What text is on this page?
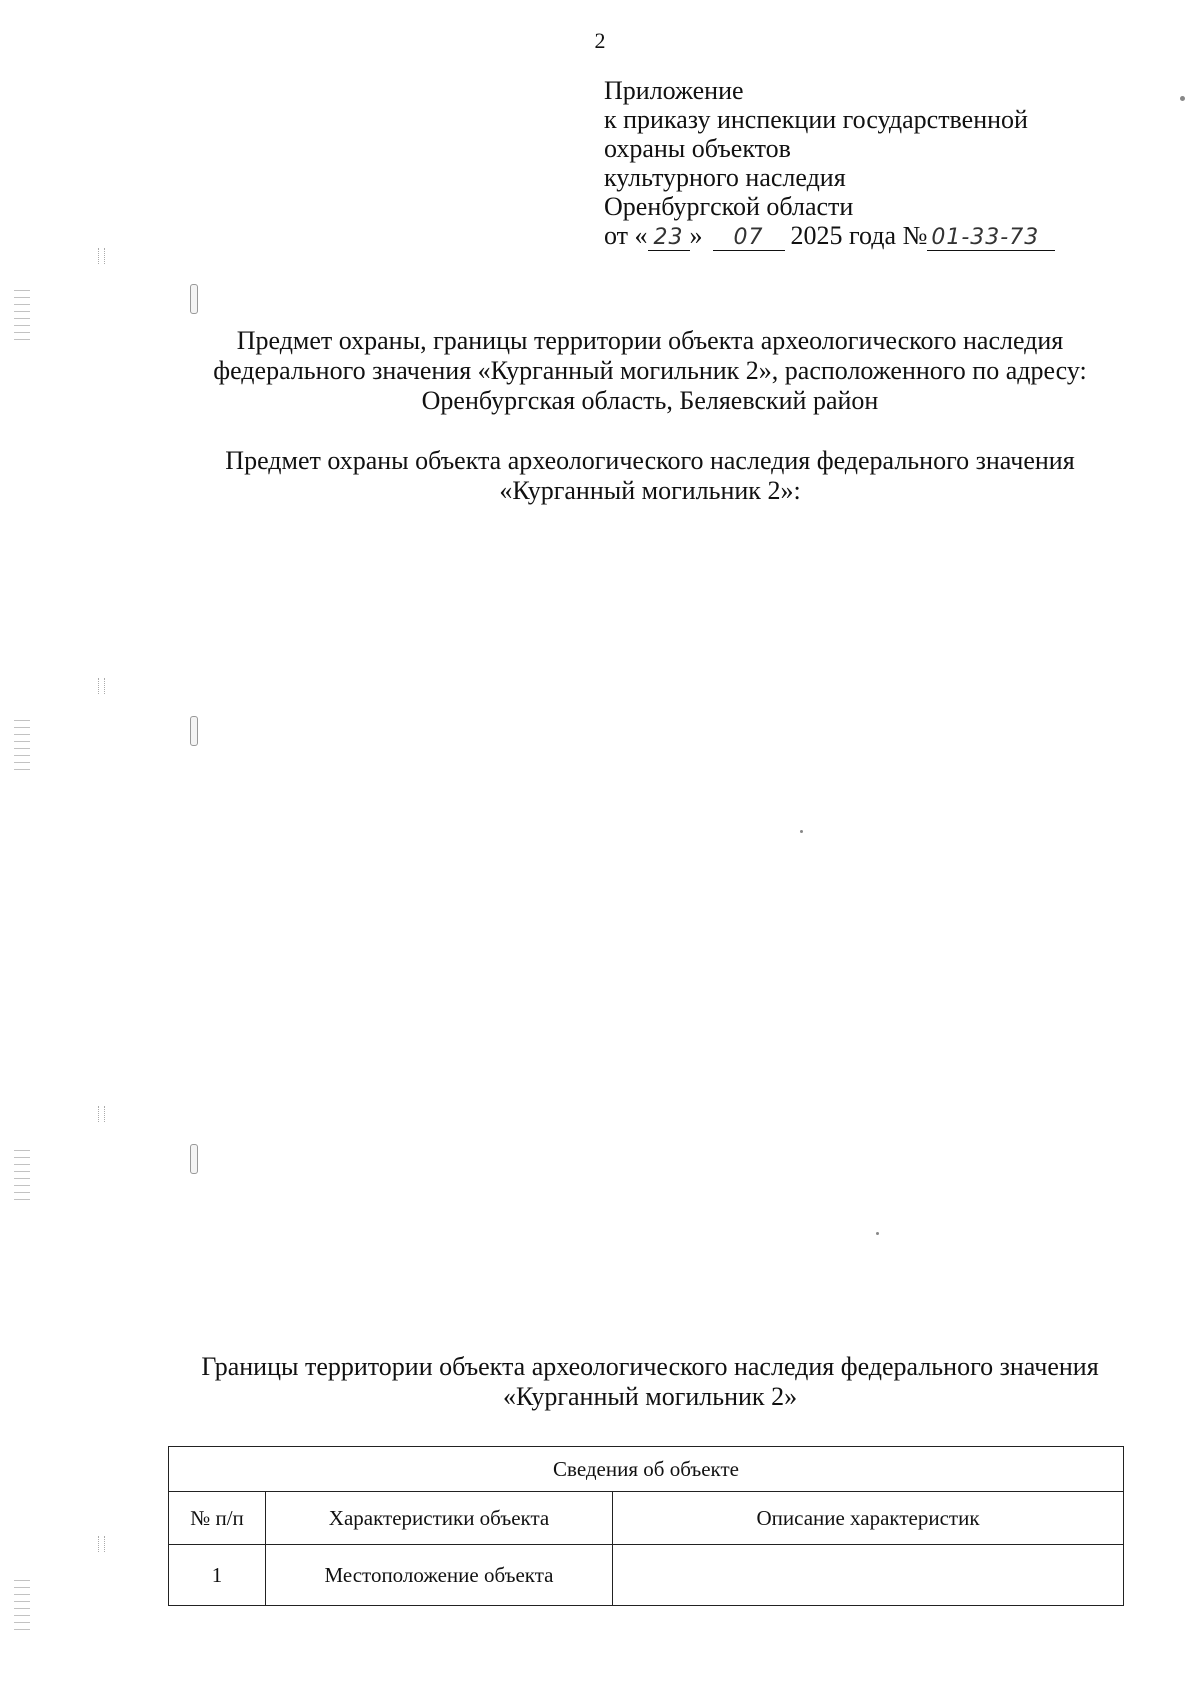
2
Приложение
к приказу инспекции государственной
охраны объектов
культурного наследия
Оренбургской области
от « 23 » 07 2025 года № 01-33-73
Предмет охраны, границы территории объекта археологического наследия федерального значения «Курганный могильник 2», расположенного по адресу: Оренбургская область, Беляевский район
Предмет охраны объекта археологического наследия федерального значения «Курганный могильник 2»:
Границы территории объекта археологического наследия федерального значения «Курганный могильник 2»
Сведения об объекте		
№ п/п	Характеристики объекта	Описание характеристик
1	Местоположение объекта	
